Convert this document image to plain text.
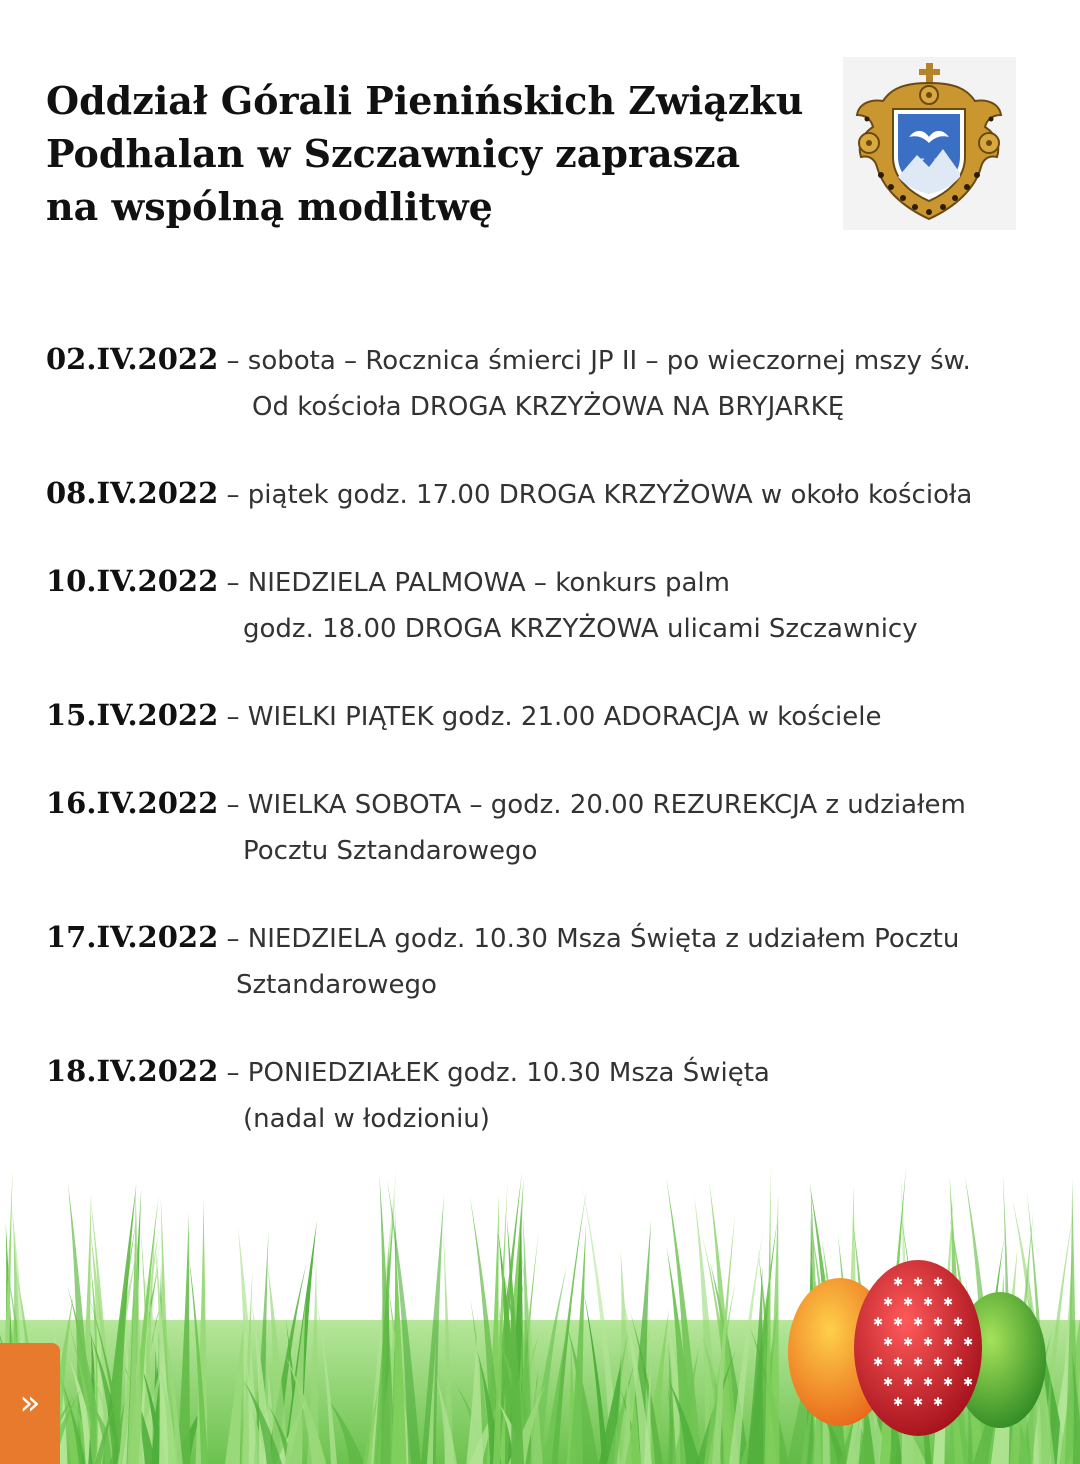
Oddział Górali Pienińskich Związku
Podhalan w Szczawnicy zaprasza
na wspólną modlitwę
Z. P.
02.IV.2022 – sobota – Rocznica śmierci JP II – po wieczornej mszy św.
Od kościoła DROGA KRZYŻOWA NA BRYJARKĘ
08.IV.2022 – piątek godz. 17.00 DROGA KRZYŻOWA w około kościoła
10.IV.2022 – NIEDZIELA PALMOWA – konkurs palm
godz. 18.00 DROGA KRZYŻOWA ulicami Szczawnicy
15.IV.2022 – WIELKI PIĄTEK godz. 21.00 ADORACJA w kościele
16.IV.2022 – WIELKA SOBOTA – godz. 20.00 REZUREKCJA z udziałem
Pocztu Sztandarowego
17.IV.2022 – NIEDZIELA godz. 10.30 Msza Święta z udziałem Pocztu
Sztandarowego
18.IV.2022 – PONIEDZIAŁEK godz. 10.30 Msza Święta
(nadal w łodzioniu)
✱ ✱ ✱
✱ ✱ ✱ ✱
✱ ✱ ✱ ✱ ✱
✱ ✱ ✱ ✱ ✱
✱ ✱ ✱ ✱ ✱
✱ ✱ ✱ ✱ ✱
✱ ✱ ✱
»
